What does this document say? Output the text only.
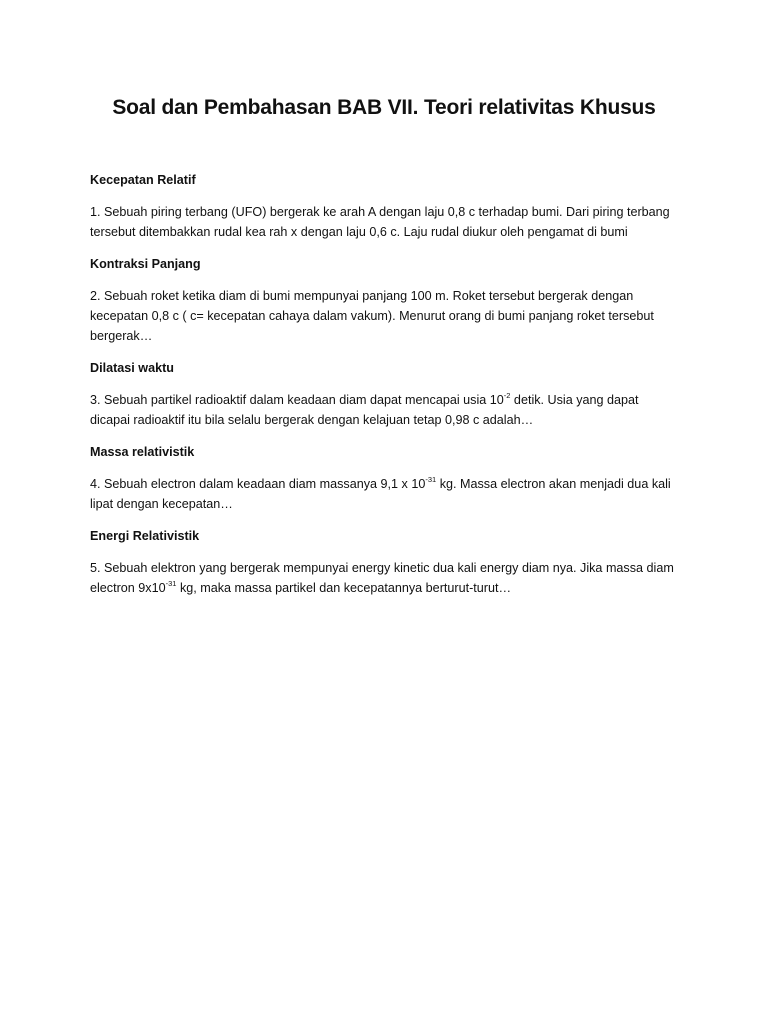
Soal dan Pembahasan BAB VII. Teori relativitas Khusus

Kecepatan Relatif

1. Sebuah piring terbang (UFO) bergerak ke arah A dengan laju 0,8 c terhadap bumi. Dari piring terbang tersebut ditembakkan rudal kea rah x dengan laju 0,6 c. Laju rudal diukur oleh pengamat di bumi

Kontraksi Panjang

2. Sebuah roket ketika diam di bumi mempunyai panjang 100 m. Roket tersebut bergerak dengan kecepatan 0,8 c ( c= kecepatan cahaya dalam vakum). Menurut orang di bumi panjang roket tersebut bergerak…

Dilatasi waktu

3. Sebuah partikel radioaktif dalam keadaan diam dapat mencapai usia $10^{-2}$ detik. Usia yang dapat dicapai radioaktif itu bila selalu bergerak dengan kelajuan tetap 0,98 c adalah…

Massa relativistik

4. Sebuah electron dalam keadaan diam massanya 9,1 x $10^{-31}$ kg. Massa electron akan menjadi dua kali lipat dengan kecepatan…

Energi Relativistik

5. Sebuah elektron yang bergerak mempunyai energy kinetic dua kali energy diam nya. Jika massa diam electron $9x10^{-31}$ kg, maka massa partikel dan kecepatannya berturut-turut…
